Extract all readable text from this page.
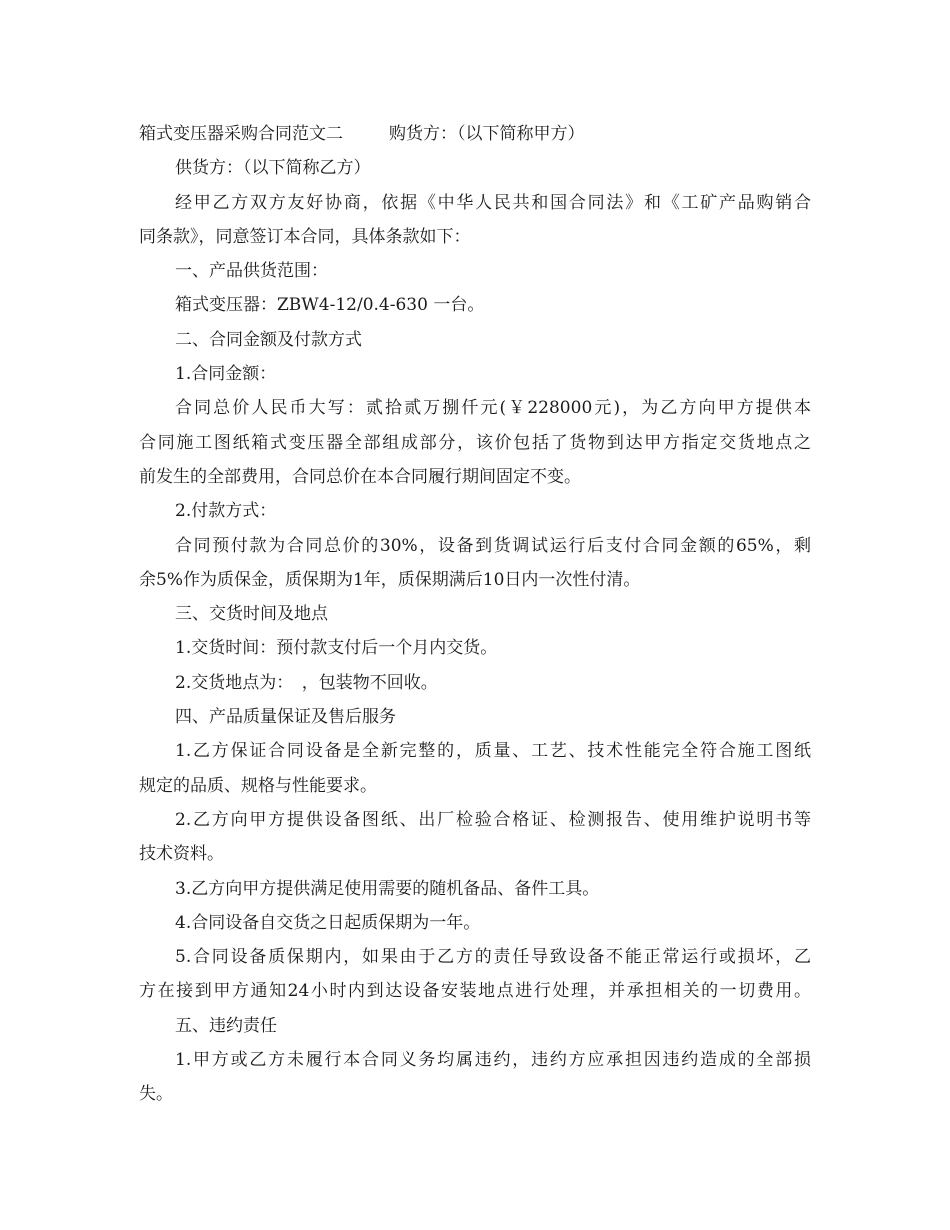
箱式变压器采购合同范文二	购货方：（以下简称甲方）
供货方：（以下简称乙方）
经甲乙方双方友好协商，依据《中华人民共和国合同法》和《工矿产品购销合
同条款》，同意签订本合同，具体条款如下：
一、产品供货范围：
箱式变压器：ZBW4-12/0.4-630 一台。
二、合同金额及付款方式
1.合同金额：
合同总价人民币大写：贰拾贰万捌仟元(￥228000元)，为乙方向甲方提供本
合同施工图纸箱式变压器全部组成部分，该价包括了货物到达甲方指定交货地点之
前发生的全部费用，合同总价在本合同履行期间固定不变。
2.付款方式：
合同预付款为合同总价的30%，设备到货调试运行后支付合同金额的65%，剩
余5%作为质保金，质保期为1年，质保期满后10日内一次性付清。
三、交货时间及地点
1.交货时间：预付款支付后一个月内交货。
2.交货地点为：　，包装物不回收。
四、产品质量保证及售后服务
1.乙方保证合同设备是全新完整的，质量、工艺、技术性能完全符合施工图纸
规定的品质、规格与性能要求。
2.乙方向甲方提供设备图纸、出厂检验合格证、检测报告、使用维护说明书等
技术资料。
3.乙方向甲方提供满足使用需要的随机备品、备件工具。
4.合同设备自交货之日起质保期为一年。
5.合同设备质保期内，如果由于乙方的责任导致设备不能正常运行或损坏，乙
方在接到甲方通知24小时内到达设备安装地点进行处理，并承担相关的一切费用。
五、违约责任
1.甲方或乙方未履行本合同义务均属违约，违约方应承担因违约造成的全部损
失。
